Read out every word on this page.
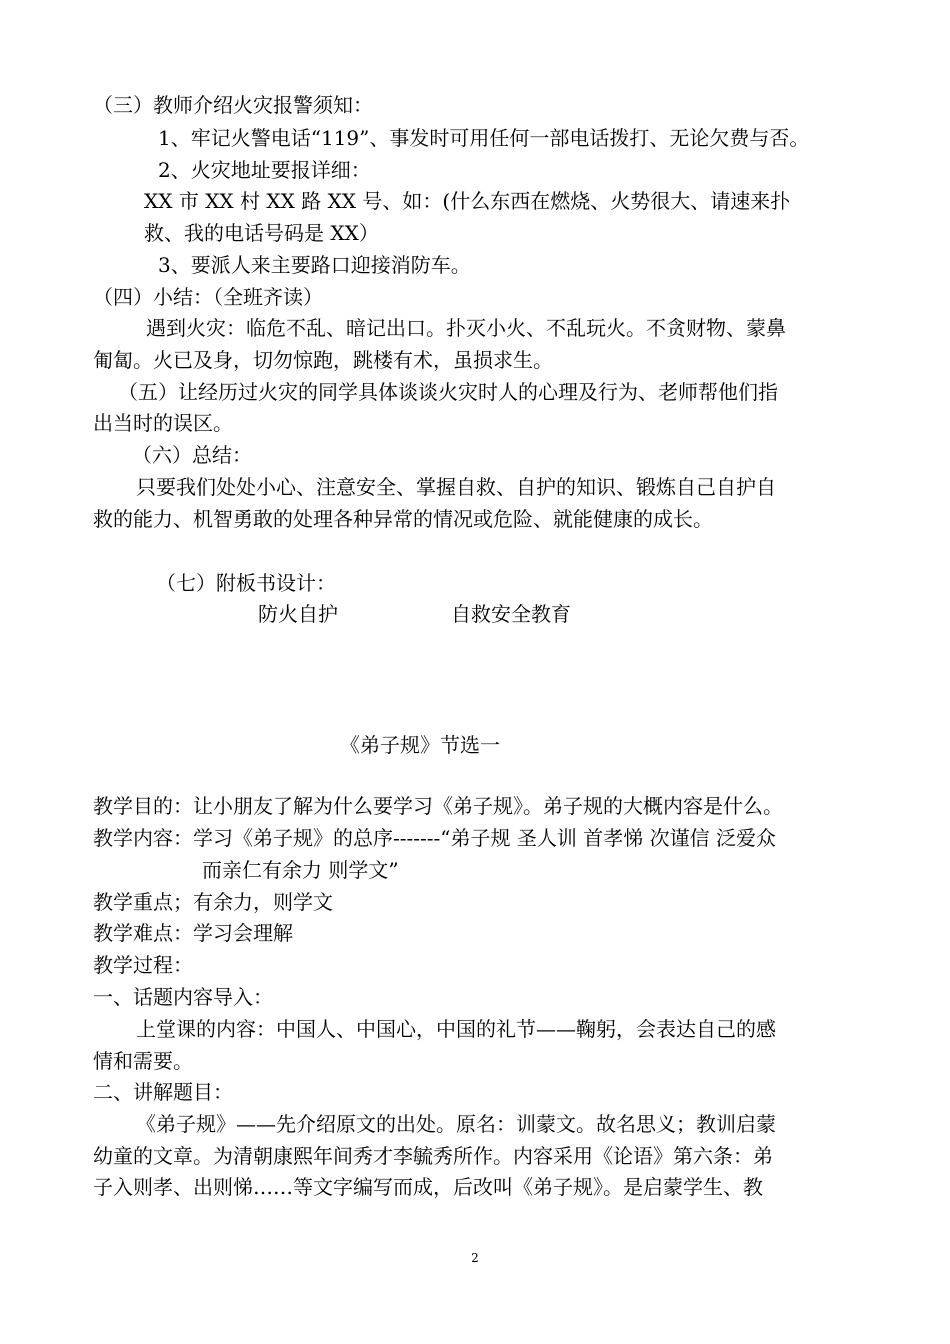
（三）教师介绍火灾报警须知：

1、牢记火警电话“119”、事发时可用任何一部电话拨打、无论欠费与否。

2、火灾地址要报详细：

XX 市 XX 村 XX 路 XX 号、如：(什么东西在燃烧、火势很大、请速来扑

救、我的电话号码是 XX）

3、要派人来主要路口迎接消防车。

（四）小结：（全班齐读）

遇到火灾：临危不乱、暗记出口。扑灭小火、不乱玩火。不贪财物、蒙鼻

匍匐。火已及身，切勿惊跑，跳楼有术，虽损求生。

（五）让经历过火灾的同学具体谈谈火灾时人的心理及行为、老师帮他们指

出当时的误区。

（六）总结：

只要我们处处小心、注意安全、掌握自救、自护的知识、锻炼自己自护自

救的能力、机智勇敢的处理各种异常的情况或危险、就能健康的成长。

（七）附板书设计：

防火自护	自救安全教育

《弟子规》节选一

教学目的：让小朋友了解为什么要学习《弟子规》。弟子规的大概内容是什么。

教学内容：学习《弟子规》的总序-------“弟子规 圣人训 首孝悌 次谨信 泛爱众

而亲仁有余力 则学文”

教学重点；有余力，则学文

教学难点：学习会理解

教学过程：

一、话题内容导入：

上堂课的内容：中国人、中国心，中国的礼节——鞠躬，会表达自己的感

情和需要。

二、讲解题目：

《弟子规》——先介绍原文的出处。原名：训蒙文。故名思义；教训启蒙

幼童的文章。为清朝康熙年间秀才李毓秀所作。内容采用《论语》第六条：弟

子入则孝、出则悌……等文字编写而成，后改叫《弟子规》。是启蒙学生、教

2
